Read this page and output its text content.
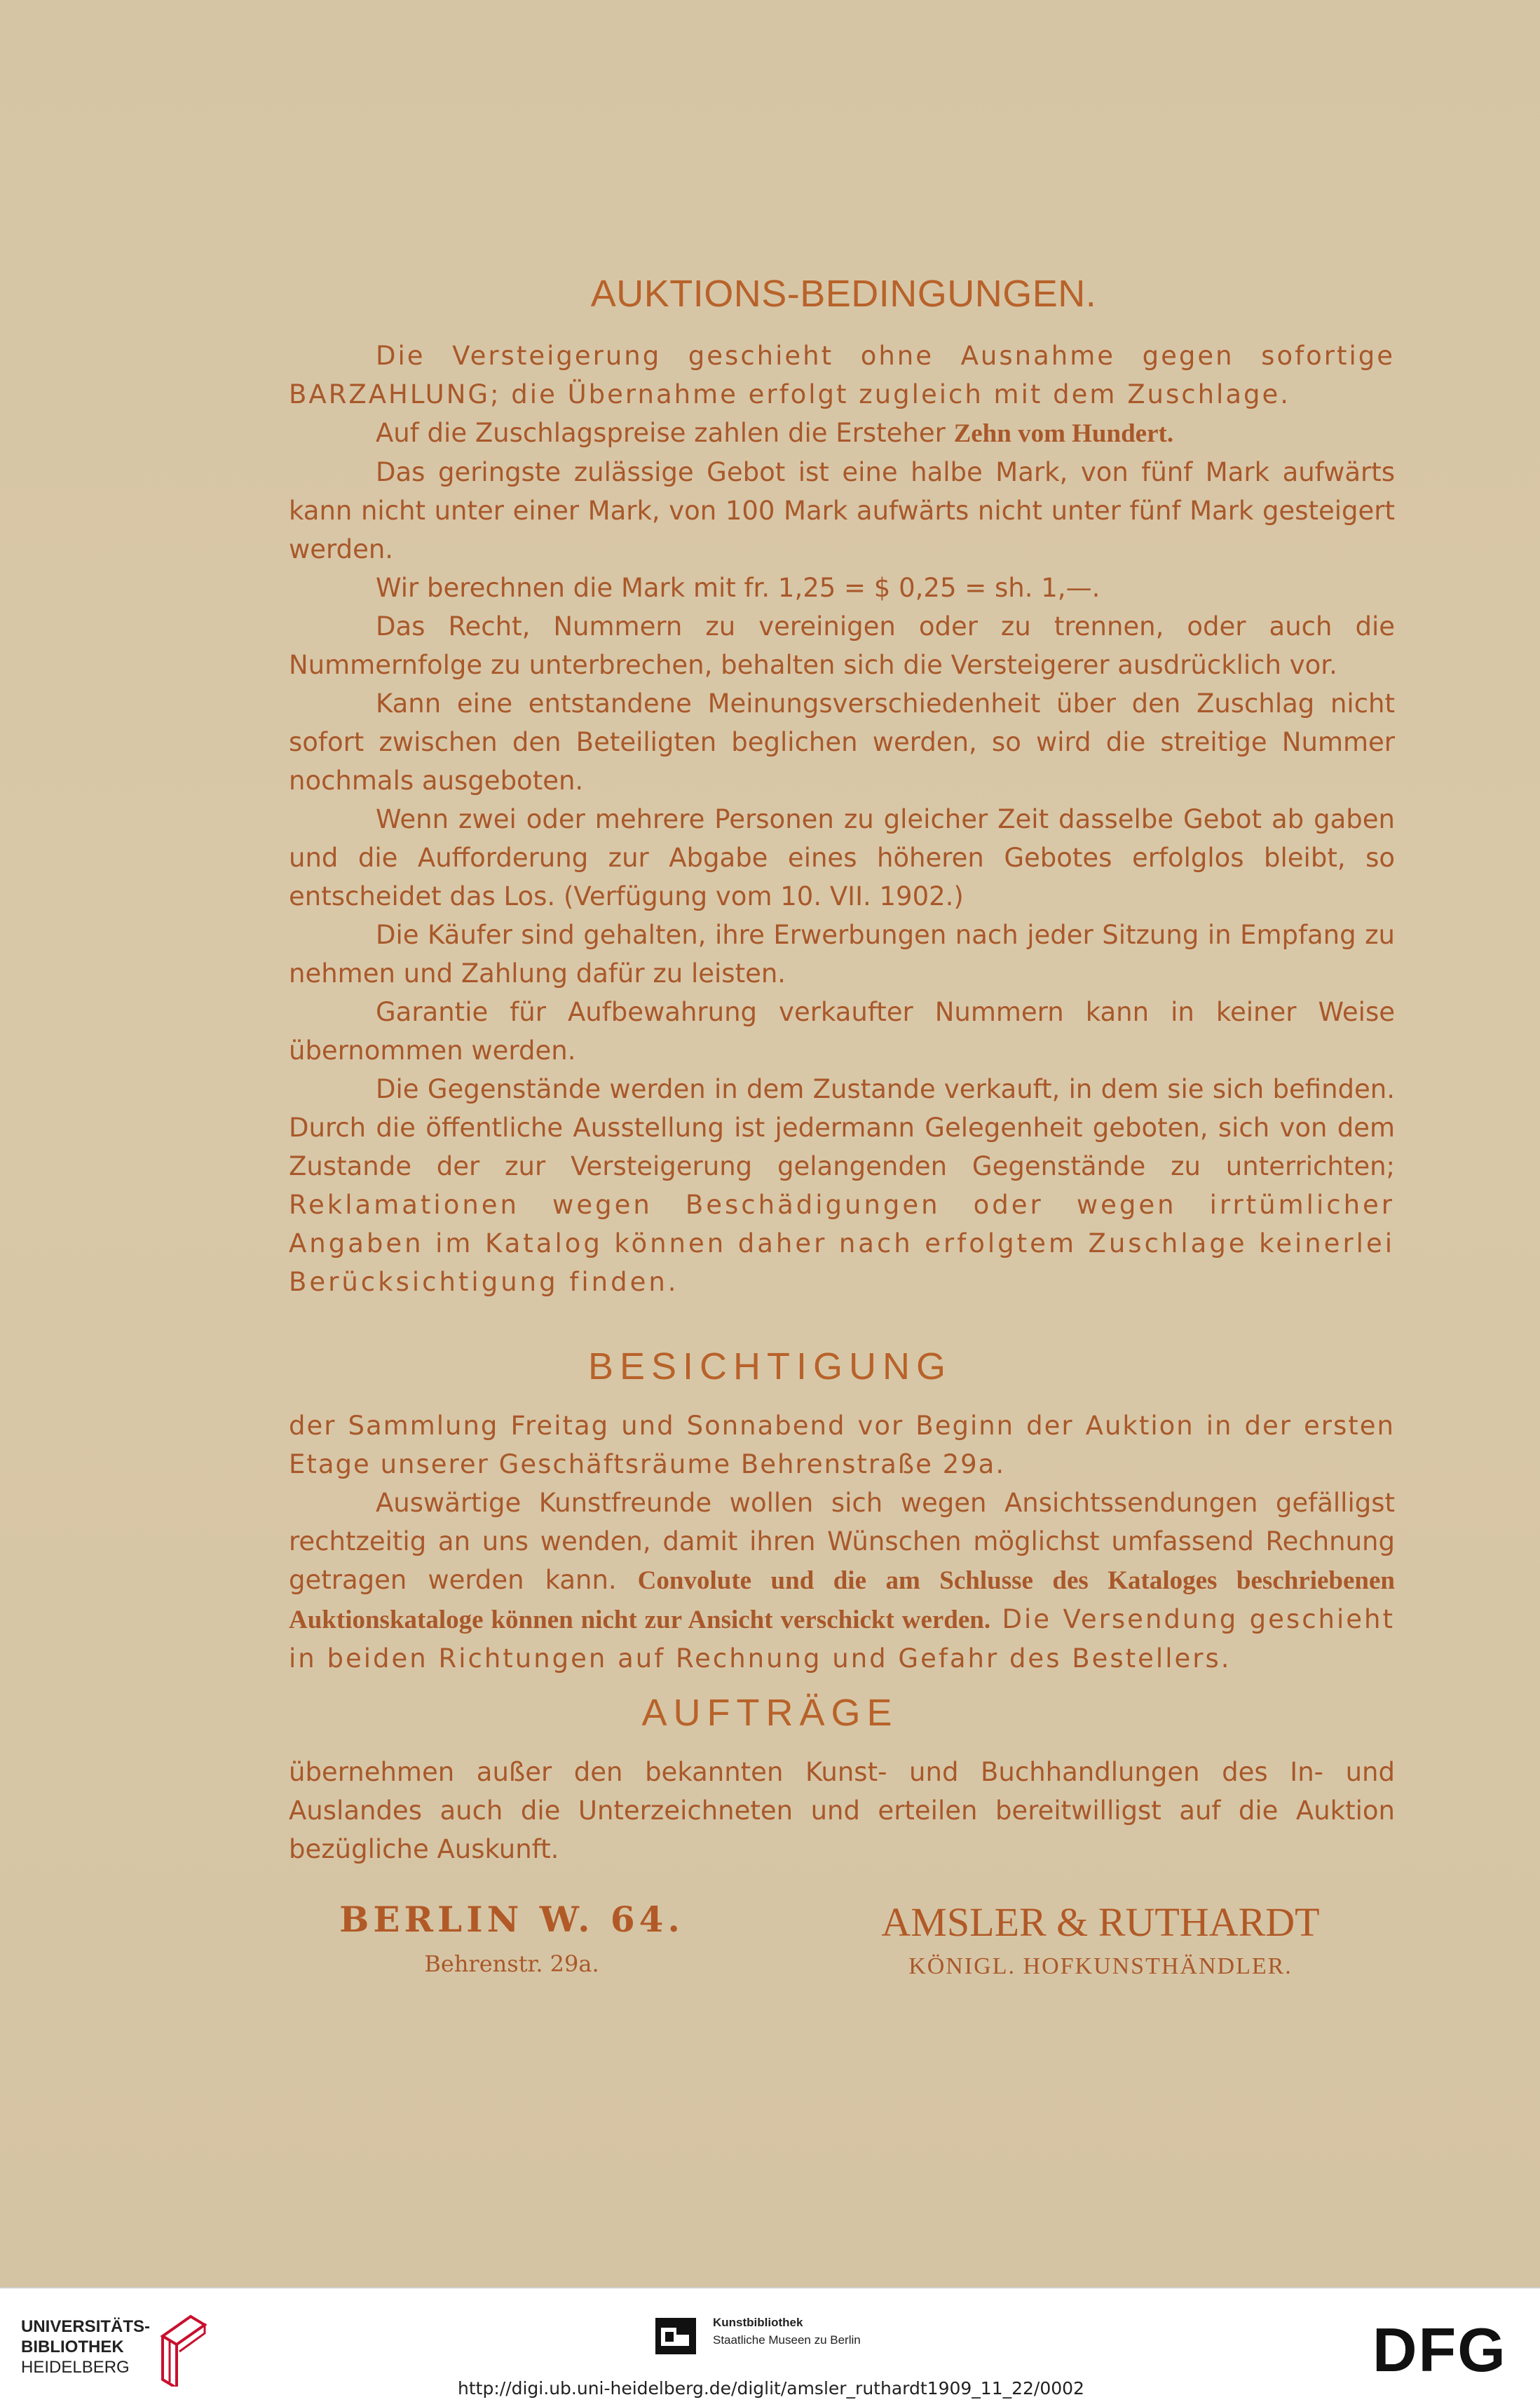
AUKTIONS-BEDINGUNGEN.

Die Versteigerung geschieht ohne Ausnahme gegen sofortige BARZAHLUNG; die Übernahme erfolgt zugleich mit dem Zuschlage.

Auf die Zuschlagspreise zahlen die Ersteher Zehn vom Hundert.

Das geringste zulässige Gebot ist eine halbe Mark, von fünf Mark aufwärts kann nicht unter einer Mark, von 100 Mark aufwärts nicht unter fünf Mark gesteigert werden.

Wir berechnen die Mark mit fr. 1,25 = $ 0,25 = sh. 1,—.

Das Recht, Nummern zu vereinigen oder zu trennen, oder auch die Nummernfolge zu unterbrechen, behalten sich die Versteigerer ausdrücklich vor.

Kann eine entstandene Meinungsverschiedenheit über den Zuschlag nicht sofort zwischen den Beteiligten beglichen werden, so wird die streitige Nummer nochmals ausgeboten.

Wenn zwei oder mehrere Personen zu gleicher Zeit dasselbe Gebot ab gaben und die Aufforderung zur Abgabe eines höheren Gebotes erfolglos bleibt, so entscheidet das Los. (Verfügung vom 10. VII. 1902.)

Die Käufer sind gehalten, ihre Erwerbungen nach jeder Sitzung in Empfang zu nehmen und Zahlung dafür zu leisten.

Garantie für Aufbewahrung verkaufter Nummern kann in keiner Weise übernommen werden.

Die Gegenstände werden in dem Zustande verkauft, in dem sie sich befinden. Durch die öffentliche Ausstellung ist jedermann Gelegenheit geboten, sich von dem Zustande der zur Versteigerung gelangenden Gegenstände zu unterrichten; Reklamationen wegen Beschädigungen oder wegen irrtümlicher Angaben im Katalog können daher nach erfolgtem Zuschlage keinerlei Berücksichtigung finden.

BESICHTIGUNG

der Sammlung Freitag und Sonnabend vor Beginn der Auktion in der ersten Etage unserer Geschäftsräume Behrenstraße 29a.

Auswärtige Kunstfreunde wollen sich wegen Ansichtssendungen gefälligst rechtzeitig an uns wenden, damit ihren Wünschen möglichst umfassend Rechnung getragen werden kann. Convolute und die am Schlusse des Kataloges beschriebenen Auktionskataloge können nicht zur Ansicht verschickt werden. Die Versendung geschieht in beiden Richtungen auf Rechnung und Gefahr des Bestellers.

AUFTRÄGE

übernehmen außer den bekannten Kunst- und Buchhandlungen des In- und Auslandes auch die Unterzeichneten und erteilen bereitwilligst auf die Auktion bezügliche Auskunft.

BERLIN W. 64.
Behrenstr. 29a.
AMSLER & RUTHARDT
KÖNIGL. HOFKUNSTHÄNDLER.
UNIVERSITÄTS-
BIBLIOTHEK
HEIDELBERG
Kunstbibliothek
Staatliche Museen zu Berlin	DFG
http://digi.ub.uni-heidelberg.de/diglit/amsler_ruthardt1909_11_22/0002
